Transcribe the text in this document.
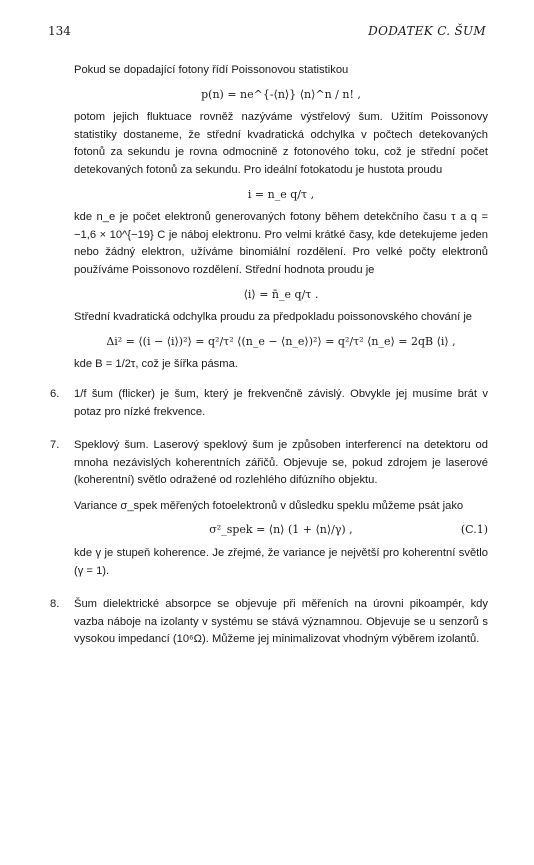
134	DODATEK C. ŠUM

Pokud se dopadající fotony řídí Poissonovou statistikou

p(n) = ne^{-⟨n⟩} ⟨n⟩^n / n! ,

potom jejich fluktuace rovněž nazýváme výstřelový šum. Užitím Poissonovy statistiky dostaneme, že střední kvadratická odchylka v počtech detekovaných fotonů za sekundu je rovna odmocnině z fotonového toku, což je střední počet detekovaných fotonů za sekundu. Pro ideální fotokatodu je hustota proudu

i = n_e q/τ ,

kde n_e je počet elektronů generovaných fotony během detekčního času τ a q = −1,6 × 10^{−19} C je náboj elektronu. Pro velmi krátké časy, kde detekujeme jeden nebo žádný elektron, užíváme binomiální rozdělení. Pro velké počty elektronů používáme Poissonovo rozdělení. Střední hodnota proudu je

⟨i⟩ = n̄_e q/τ .

Střední kvadratická odchylka proudu za předpokladu poissonovského chování je

Δi² = ⟨(i − ⟨i⟩)²⟩ = q²/τ² ⟨(n_e − ⟨n_e⟩)²⟩ = q²/τ² ⟨n_e⟩ = 2qB ⟨i⟩ ,

kde B = 1/2τ, což je šířka pásma.

6. 1/f šum (flicker) je šum, který je frekvenčně závislý. Obvykle jej musíme brát v potaz pro nízké frekvence.

7. Speklový šum. Laserový speklový šum je způsoben interferencí na detektoru od mnoha nezávislých koherentních zářičů. Objevuje se, pokud zdrojem je laserové (koherentní) světlo odražené od rozlehlého difúzního objektu.

Variance σ_spek měřených fotoelektronů v důsledku speklu můžeme psát jako

σ²_spek = ⟨n⟩ (1 + ⟨n⟩/γ) ,	(C.1)

kde γ je stupeň koherence. Je zřejmé, že variance je největší pro koherentní světlo (γ = 1).

8. Šum dielektrické absorpce se objevuje při měřeních na úrovni pikoampér, kdy vazba náboje na izolanty v systému se stává významnou. Objevuje se u senzorů s vysokou impedancí (10⁶Ω). Můžeme jej minimalizovat vhodným výběrem izolantů.
